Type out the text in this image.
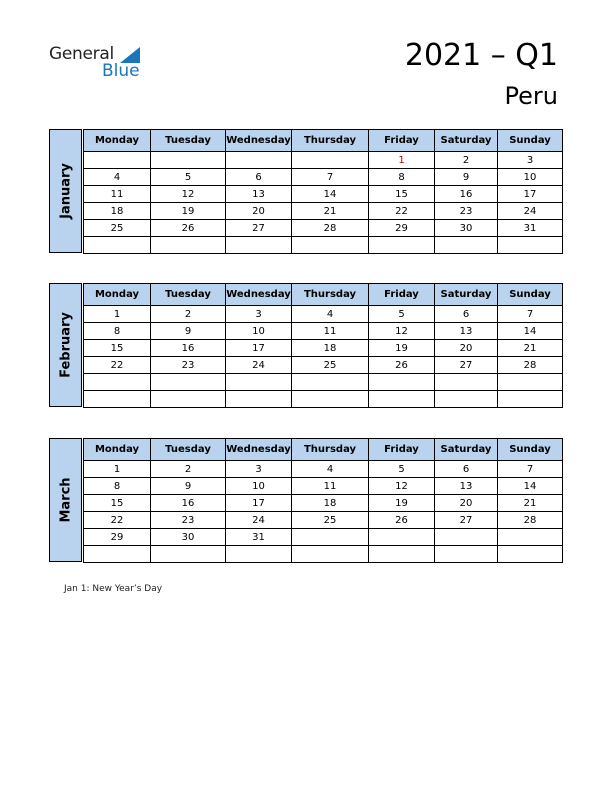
General
Blue	2021 – Q1
Peru
January
Monday	Tuesday	Wednesday	Thursday	Friday	Saturday	Sunday
				1	2	3
4	5	6	7	8	9	10
11	12	13	14	15	16	17
18	19	20	21	22	23	24
25	26	27	28	29	30	31

February
Monday	Tuesday	Wednesday	Thursday	Friday	Saturday	Sunday
1	2	3	4	5	6	7
8	9	10	11	12	13	14
15	16	17	18	19	20	21
22	23	24	25	26	27	28

March
Monday	Tuesday	Wednesday	Thursday	Friday	Saturday	Sunday
1	2	3	4	5	6	7
8	9	10	11	12	13	14
15	16	17	18	19	20	21
22	23	24	25	26	27	28
29	30	31				

Jan 1: New Year’s Day
